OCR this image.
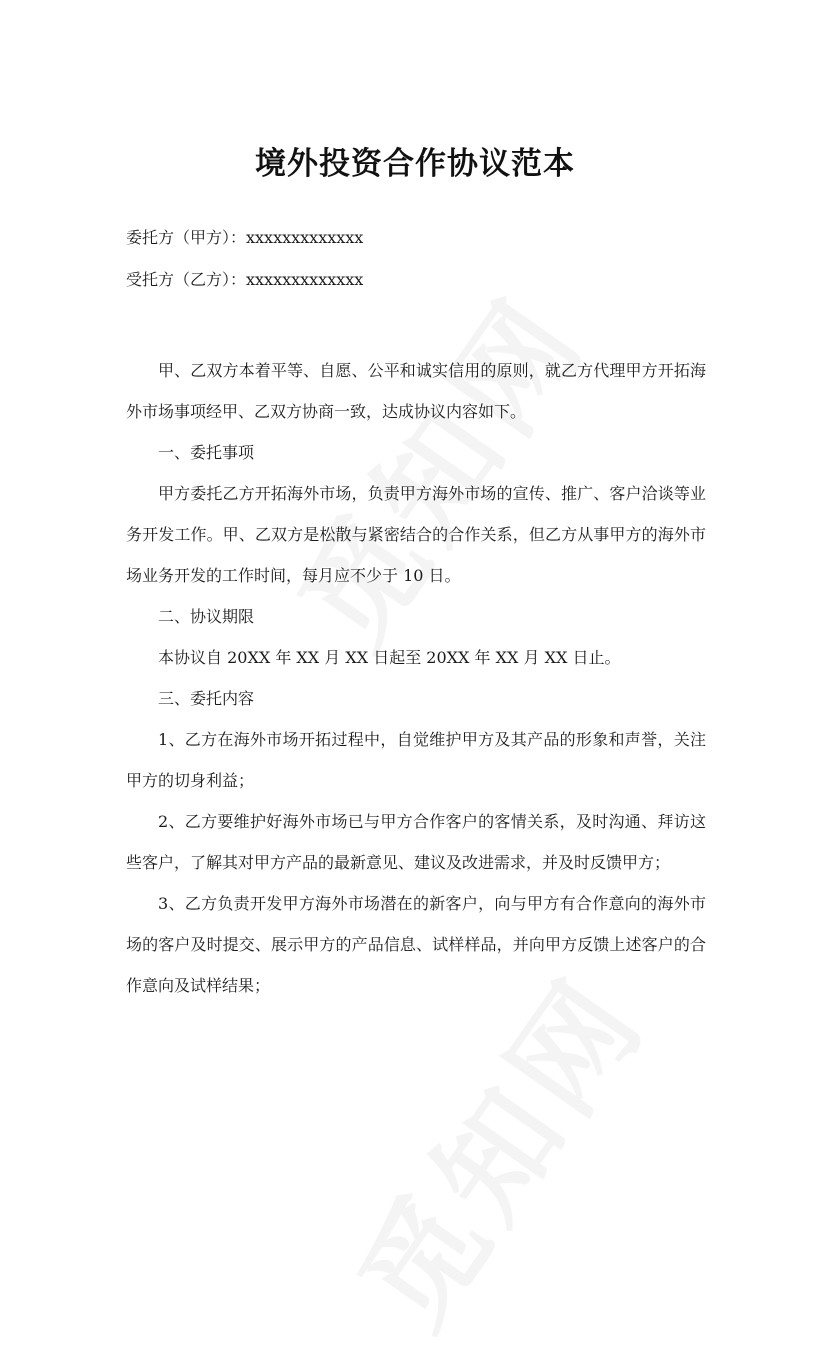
境外投资合作协议范本
委托方（甲方）：xxxxxxxxxxxxx
受托方（乙方）：xxxxxxxxxxxxx

甲、乙双方本着平等、自愿、公平和诚实信用的原则，就乙方代理甲方开拓海外市场事项经甲、乙双方协商一致，达成协议内容如下。

一、委托事项

甲方委托乙方开拓海外市场，负责甲方海外市场的宣传、推广、客户洽谈等业务开发工作。甲、乙双方是松散与紧密结合的合作关系，但乙方从事甲方的海外市场业务开发的工作时间，每月应不少于 10 日。

二、协议期限

本协议自 20XX 年 XX 月 XX 日起至 20XX 年 XX 月 XX 日止。

三、委托内容

1、乙方在海外市场开拓过程中，自觉维护甲方及其产品的形象和声誉，关注甲方的切身利益；

2、乙方要维护好海外市场已与甲方合作客户的客情关系，及时沟通、拜访这些客户，了解其对甲方产品的最新意见、建议及改进需求，并及时反馈甲方；

3、乙方负责开发甲方海外市场潜在的新客户，向与甲方有合作意向的海外市场的客户及时提交、展示甲方的产品信息、试样样品，并向甲方反馈上述客户的合作意向及试样结果；
